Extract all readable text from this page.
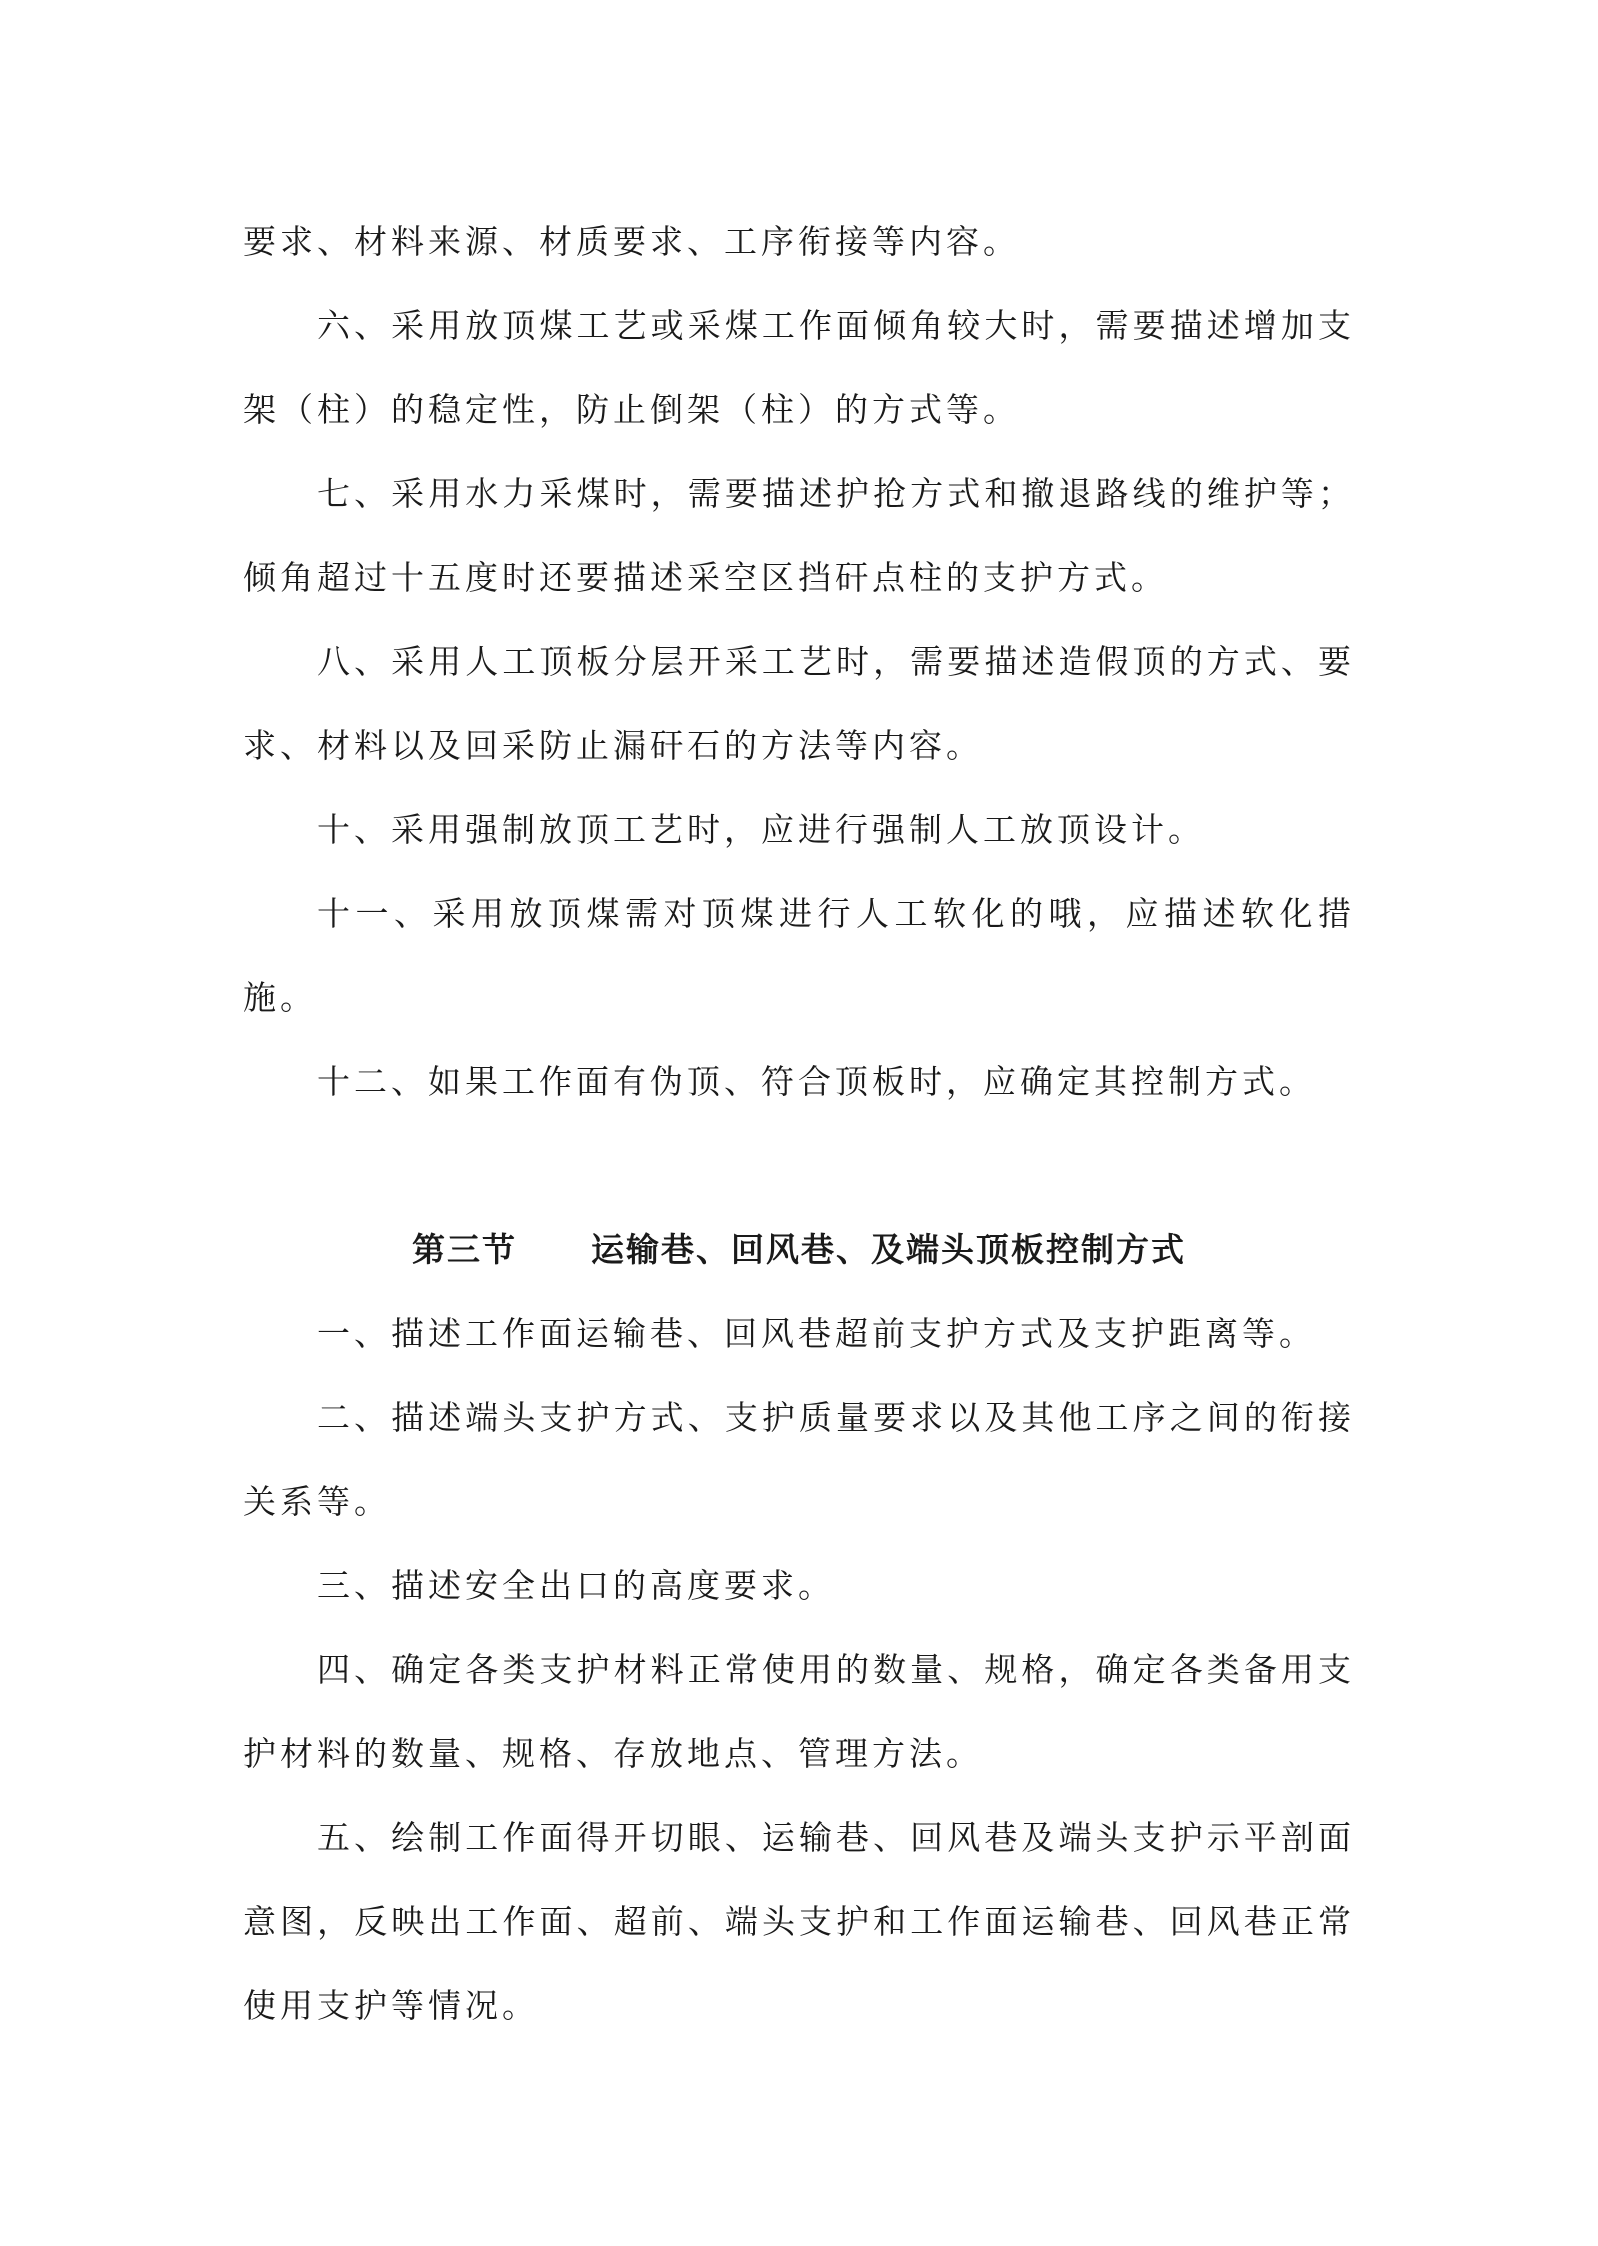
要求、材料来源、材质要求、工序衔接等内容。

六、采用放顶煤工艺或采煤工作面倾角较大时，需要描述增加支架（柱）的稳定性，防止倒架（柱）的方式等。

七、采用水力采煤时，需要描述护抢方式和撤退路线的维护等；倾角超过十五度时还要描述采空区挡矸点柱的支护方式。

八、采用人工顶板分层开采工艺时，需要描述造假顶的方式、要求、材料以及回采防止漏矸石的方法等内容。

十、采用强制放顶工艺时，应进行强制人工放顶设计。

十一、采用放顶煤需对顶煤进行人工软化的哦，应描述软化措施。

十二、如果工作面有伪顶、符合顶板时，应确定其控制方式。

第三节 运输巷、回风巷、及端头顶板控制方式

一、描述工作面运输巷、回风巷超前支护方式及支护距离等。

二、描述端头支护方式、支护质量要求以及其他工序之间的衔接关系等。

三、描述安全出口的高度要求。

四、确定各类支护材料正常使用的数量、规格，确定各类备用支护材料的数量、规格、存放地点、管理方法。

五、绘制工作面得开切眼、运输巷、回风巷及端头支护示平剖面意图，反映出工作面、超前、端头支护和工作面运输巷、回风巷正常使用支护等情况。
